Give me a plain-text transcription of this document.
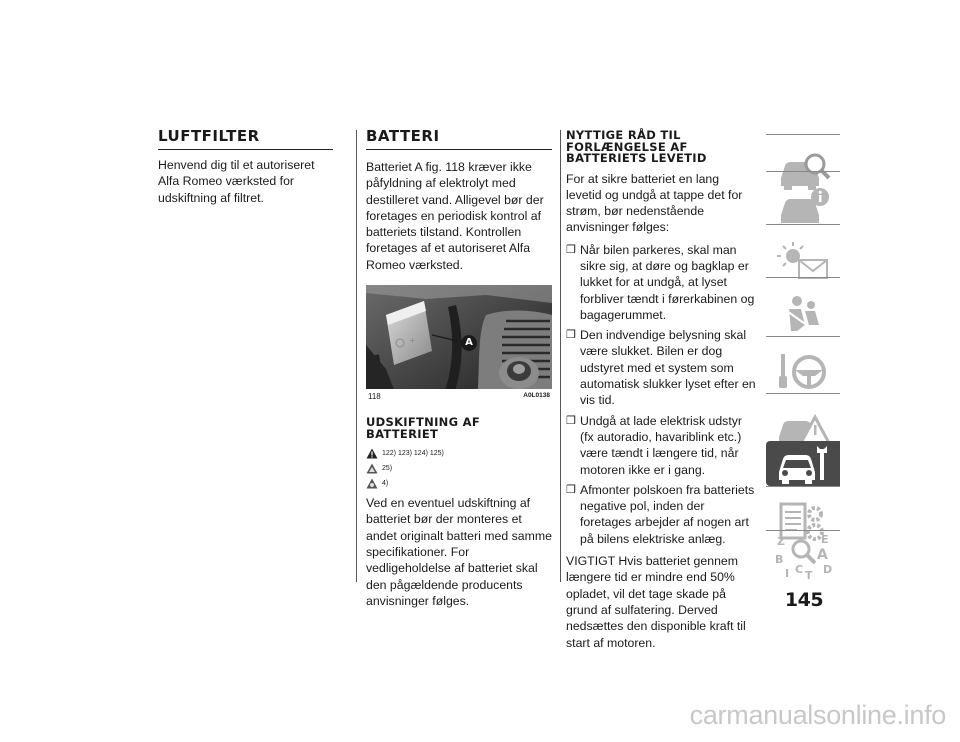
LUFTFILTER

Henvend dig til et autoriseret Alfa Romeo værksted for udskiftning af filtret.

BATTERI

Batteriet A fig. 118 kræver ikke påfyldning af elektrolyt med destilleret vand. Alligevel bør der foretages en periodisk kontrol af batteriets tilstand. Kontrollen foretages af et autoriseret Alfa Romeo værksted.

+	A
118	A0L0138
UDSKIFTNING AF BATTERIET
122) 123) 124) 125)
25)
4)

Ved en eventuel udskiftning af batteriet bør der monteres et andet originalt batteri med samme specifikationer. For vedligeholdelse af batteriet skal den pågældende producents anvisninger følges.

NYTTIGE RÅD TIL FORLÆNGELSE AF BATTERIETS LEVETID

For at sikre batteriet en lang levetid og undgå at tappe det for strøm, bør nedenstående anvisninger følges:

❒ Når bilen parkeres, skal man sikre sig, at døre og bagklap er lukket for at undgå, at lyset forbliver tændt i førerkabinen og bagagerummet.
❒ Den indvendige belysning skal være slukket. Bilen er dog udstyret med et system som automatisk slukker lyset efter en vis tid.
❒ Undgå at lade elektrisk udstyr (fx autoradio, havariblink etc.) være tændt i længere tid, når motoren ikke er i gang.
❒ Afmonter polskoen fra batteriets negative pol, inden der foretages arbejder af nogen art på bilens elektriske anlæg.

VIGTIGT Hvis batteriet gennem længere tid er mindre end 50% opladet, vil det tage skade på grund af sulfatering. Derved nedsættes den disponible kraft til start af motoren.

Z	E
B A
C D
T
I
145
carmanualsonline.info
